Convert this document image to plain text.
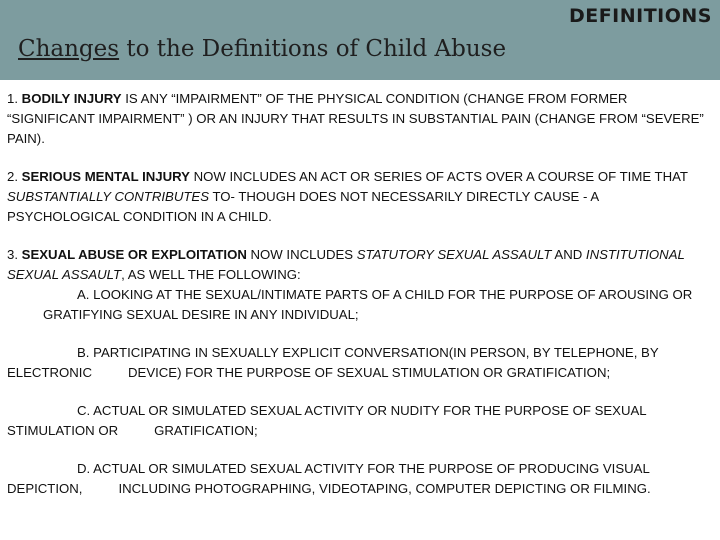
DEFINITIONS
Changes to the Definitions of Child Abuse
1. BODILY INJURY IS ANY “IMPAIRMENT” OF THE PHYSICAL CONDITION (CHANGE FROM FORMER “SIGNIFICANT IMPAIRMENT” ) OR AN INJURY THAT RESULTS IN SUBSTANTIAL PAIN (CHANGE FROM “SEVERE” PAIN).
2. SERIOUS MENTAL INJURY NOW INCLUDES AN ACT OR SERIES OF ACTS OVER A COURSE OF TIME THAT SUBSTANTIALLY CONTRIBUTES TO- THOUGH DOES NOT NECESSARILY DIRECTLY CAUSE - A PSYCHOLOGICAL CONDITION IN A CHILD.
3. SEXUAL ABUSE OR EXPLOITATION NOW INCLUDES STATUTORY SEXUAL ASSAULT AND INSTITUTIONAL SEXUAL ASSAULT, AS WELL THE FOLLOWING:
A. LOOKING AT THE SEXUAL/INTIMATE PARTS OF A CHILD FOR THE PURPOSE OF AROUSING ORGRATIFYING SEXUAL DESIRE IN ANY INDIVIDUAL;
B. PARTICIPATING IN SEXUALLY EXPLICIT CONVERSATION(IN PERSON, BY TELEPHONE, BY ELECTRONIC	DEVICE) FOR THE PURPOSE OF SEXUAL STIMULATION OR GRATIFICATION;
C. ACTUAL OR SIMULATED SEXUAL ACTIVITY OR NUDITY FOR THE PURPOSE OF SEXUAL STIMULATION OR	GRATIFICATION;
D. ACTUAL OR SIMULATED SEXUAL ACTIVITY FOR THE PURPOSE OF PRODUCING VISUAL DEPICTION,	INCLUDING PHOTOGRAPHING, VIDEOTAPING, COMPUTER DEPICTING OR FILMING.
